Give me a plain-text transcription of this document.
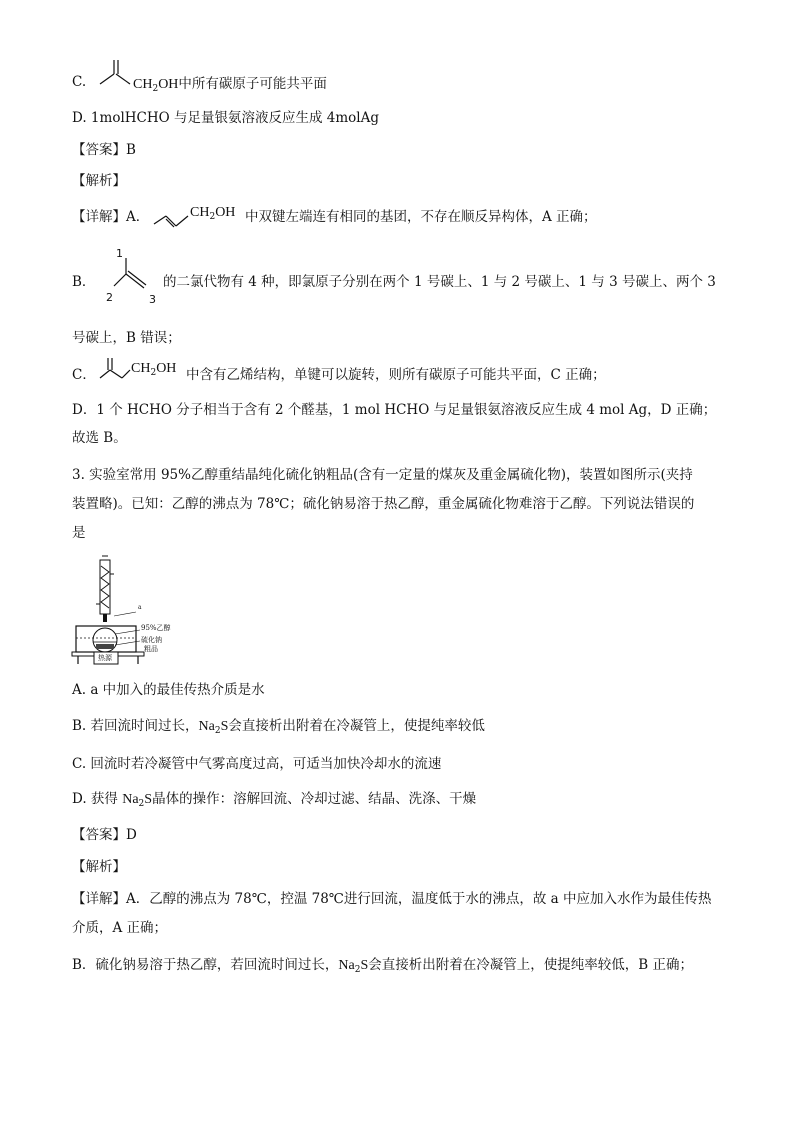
C.	$CH_2OH$中所有碳原子可能共平面
D. 1molHCHO 与足量银氨溶液反应生成 4molAg
【答案】B
【解析】
【详解】A．	$CH_2OH$ 中双键左端连有相同的基团，不存在顺反异构体，A 正确；
B．
1
2	3
的二氯代物有 4 种，即氯原子分别在两个 1 号碳上、1 与 2 号碳上、1 与 3 号碳上、两个 3
号碳上，B 错误；
C．	$CH_2OH$ 中含有乙烯结构，单键可以旋转，则所有碳原子可能共平面，C 正确；
D．1 个 HCHO 分子相当于含有 2 个醛基，1 mol HCHO 与足量银氨溶液反应生成 4 mol Ag，D 正确；
故选 B。
3. 实验室常用 95%乙醇重结晶纯化硫化钠粗品(含有一定量的煤灰及重金属硫化物)，装置如图所示(夹持
装置略)。已知：乙醇的沸点为 78℃；硫化钠易溶于热乙醇，重金属硫化物难溶于乙醇。下列说法错误的
是
a
95%乙醇
硫化钠
粗品
热源
A. a 中加入的最佳传热介质是水
B. 若回流时间过长，$Na_2S$会直接析出附着在冷凝管上，使提纯率较低
C. 回流时若冷凝管中气雾高度过高，可适当加快冷却水的流速
D. 获得 $Na_2S$晶体的操作：溶解回流、冷却过滤、结晶、洗涤、干燥
【答案】D
【解析】
【详解】A．乙醇的沸点为 78℃，控温 78℃进行回流，温度低于水的沸点，故 a 中应加入水作为最佳传热
介质，A 正确；
B．硫化钠易溶于热乙醇，若回流时间过长，$Na_2S$会直接析出附着在冷凝管上，使提纯率较低，B 正确；
